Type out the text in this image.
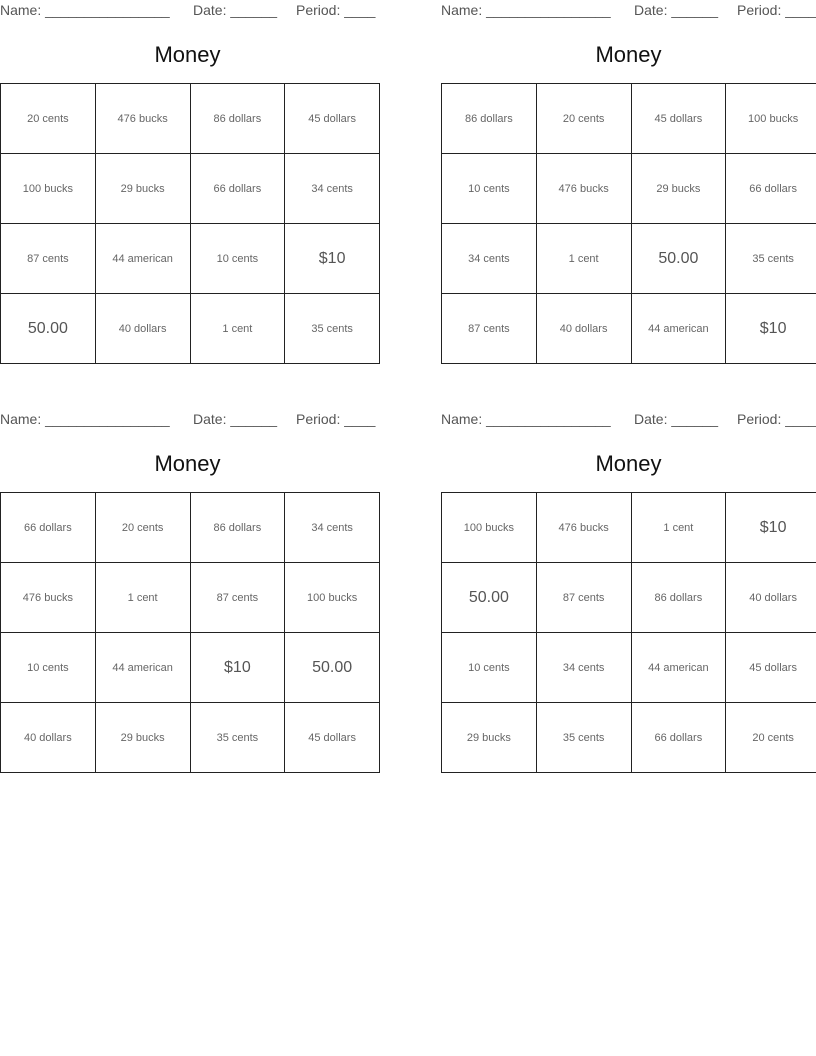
Name: ________________ Date: ______ Period: ____
Money
20 cents	476 bucks	86 dollars	45 dollars
100 bucks	29 bucks	66 dollars	34 cents
87 cents	44 american	10 cents	$10
50.00	40 dollars	1 cent	35 cents
Name: ________________ Date: ______ Period: ____
Money
86 dollars	20 cents	45 dollars	100 bucks
10 cents	476 bucks	29 bucks	66 dollars
34 cents	1 cent	50.00	35 cents
87 cents	40 dollars	44 american	$10
Name: ________________ Date: ______ Period: ____
Money
66 dollars	20 cents	86 dollars	34 cents
476 bucks	1 cent	87 cents	100 bucks
10 cents	44 american	$10	50.00
40 dollars	29 bucks	35 cents	45 dollars
Name: ________________ Date: ______ Period: ____
Money
100 bucks	476 bucks	1 cent	$10
50.00	87 cents	86 dollars	40 dollars
10 cents	34 cents	44 american	45 dollars
29 bucks	35 cents	66 dollars	20 cents
